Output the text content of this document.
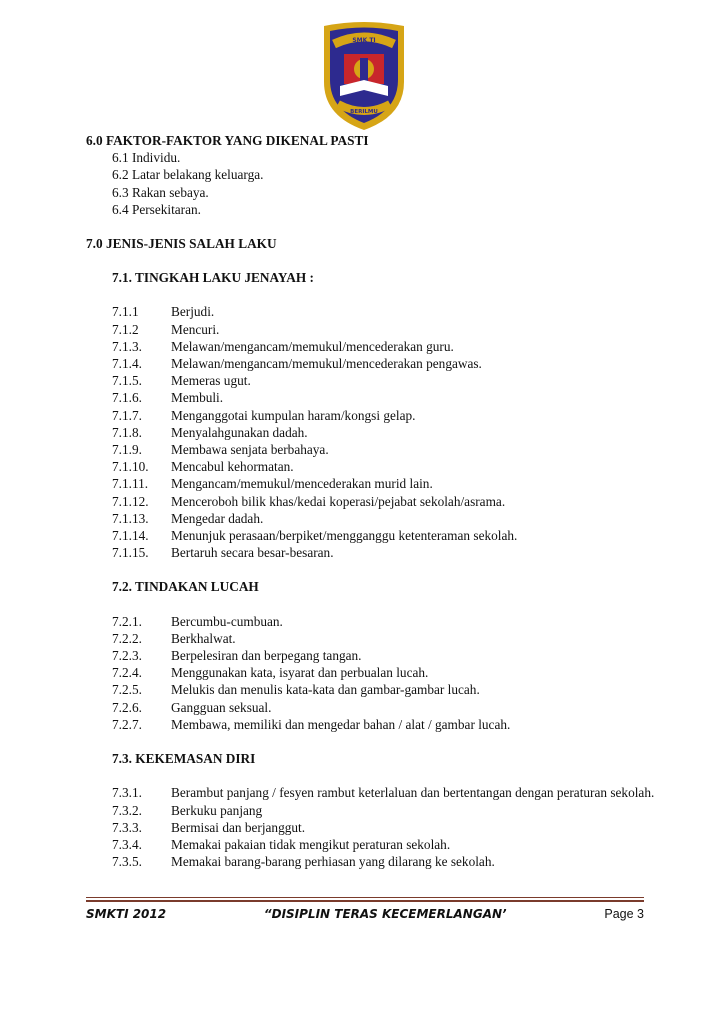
SMK TI
BERILMU
6.0 FAKTOR-FAKTOR YANG DIKENAL PASTI
6.1 Individu.
6.2 Latar belakang keluarga.
6.3 Rakan sebaya.
6.4 Persekitaran.
7.0 JENIS-JENIS SALAH LAKU
7.1. TINGKAH LAKU JENAYAH :
7.1.1	Berjudi.
7.1.2	Mencuri.
7.1.3.	Melawan/mengancam/memukul/mencederakan guru.
7.1.4.	Melawan/mengancam/memukul/mencederakan pengawas.
7.1.5.	Memeras ugut.
7.1.6.	Membuli.
7.1.7.	Menganggotai kumpulan haram/kongsi gelap.
7.1.8.	Menyalahgunakan dadah.
7.1.9.	Membawa senjata berbahaya.
7.1.10.	Mencabul kehormatan.
7.1.11.	Mengancam/memukul/mencederakan murid lain.
7.1.12.	Menceroboh bilik khas/kedai koperasi/pejabat sekolah/asrama.
7.1.13.	Mengedar dadah.
7.1.14.	Menunjuk perasaan/berpiket/mengganggu ketenteraman sekolah.
7.1.15.	Bertaruh secara besar-besaran.
7.2. TINDAKAN LUCAH
7.2.1.	Bercumbu-cumbuan.
7.2.2.	Berkhalwat.
7.2.3.	Berpelesiran dan berpegang tangan.
7.2.4.	Menggunakan kata, isyarat dan perbualan lucah.
7.2.5.	Melukis dan menulis kata-kata dan gambar-gambar lucah.
7.2.6.	Gangguan seksual.
7.2.7.	Membawa, memiliki dan mengedar bahan / alat / gambar lucah.
7.3. KEKEMASAN DIRI
7.3.1.	Berambut panjang / fesyen rambut keterlaluan dan bertentangan dengan peraturan sekolah.
7.3.2.	Berkuku panjang
7.3.3.	Bermisai dan berjanggut.
7.3.4.	Memakai pakaian tidak mengikut peraturan sekolah.
7.3.5.	Memakai barang-barang perhiasan yang dilarang ke sekolah.
SMKTI 2012	“DISIPLIN TERAS KECEMERLANGAN’	Page 3
